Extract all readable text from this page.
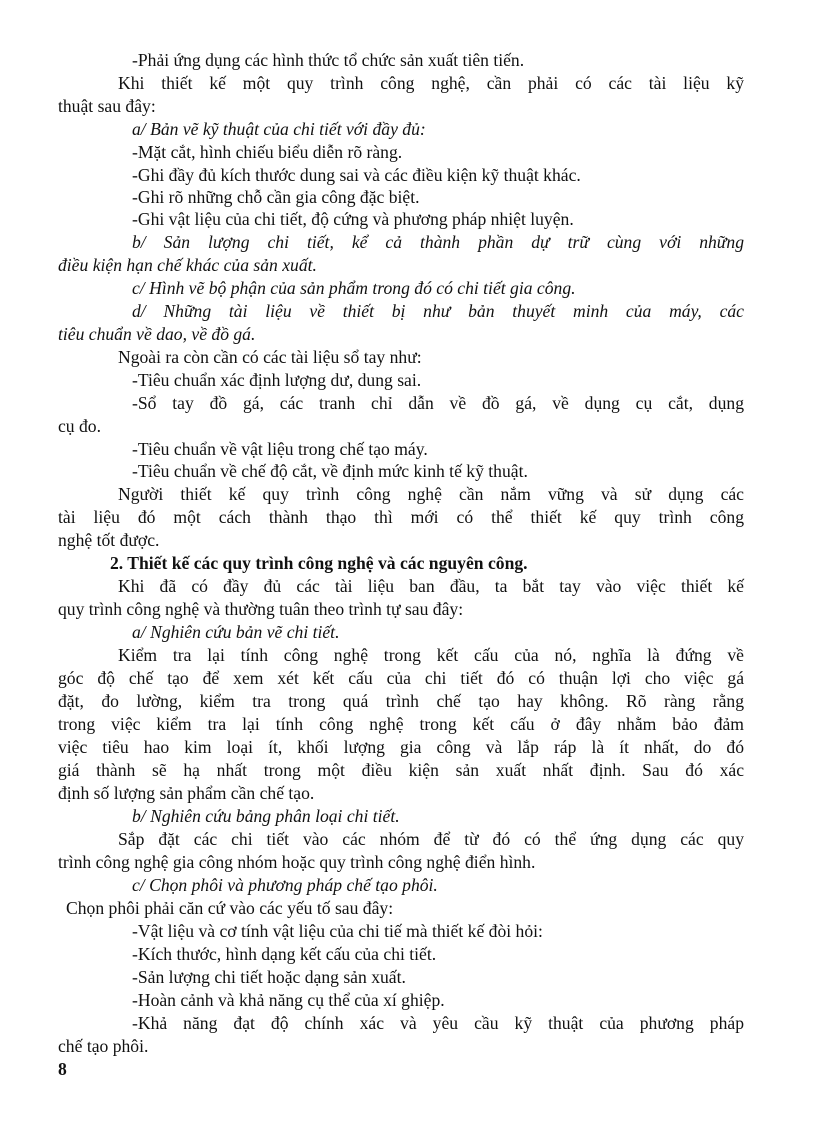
-Phải ứng dụng các hình thức tổ chức sản xuất tiên tiến.
Khi thiết kế một quy trình công nghệ, cần phải có các tài liệu kỹ
thuật sau đây:
a/ Bản vẽ kỹ thuật của chi tiết với đầy đủ:
-Mặt cắt, hình chiếu biểu diễn rõ ràng.
-Ghi đầy đủ kích thước dung sai và các điều kiện kỹ thuật khác.
-Ghi rõ những chỗ cần gia công đặc biệt.
-Ghi vật liệu của chi tiết, độ cứng và phương pháp nhiệt luyện.
b/ Sản lượng chi tiết, kể cả thành phần dự trữ cùng với những
điều kiện hạn chế khác của sản xuất.
c/ Hình vẽ bộ phận của sản phẩm trong đó có chi tiết gia công.
d/ Những tài liệu về thiết bị như bản thuyết minh của máy, các
tiêu chuẩn về dao, về đồ gá.
Ngoài ra còn cần có các tài liệu sổ tay như:
-Tiêu chuẩn xác định lượng dư, dung sai.
-Sổ tay đồ gá, các tranh chỉ dẫn về đồ gá, về dụng cụ cắt, dụng
cụ đo.
-Tiêu chuẩn về vật liệu trong chế tạo máy.
-Tiêu chuẩn về chế độ cắt, về định mức kinh tế kỹ thuật.
Người thiết kế quy trình công nghệ cần nắm vững và sử dụng các
tài liệu đó một cách thành thạo thì mới có thể thiết kế quy trình công
nghệ tốt được.
2. Thiết kế các quy trình công nghệ và các nguyên công.
Khi đã có đầy đủ các tài liệu ban đầu, ta bắt tay vào việc thiết kế
quy trình công nghệ và thường tuân theo trình tự sau đây:
a/ Nghiên cứu bản vẽ chi tiết.
Kiểm tra lại tính công nghệ trong kết cấu của nó, nghĩa là đứng về
góc độ chế tạo để xem xét kết cấu của chi tiết đó có thuận lợi cho việc gá
đặt, đo lường, kiểm tra trong quá trình chế tạo hay không. Rõ ràng rằng
trong việc kiểm tra lại tính công nghệ trong kết cấu ở đây nhằm bảo đảm
việc tiêu hao kim loại ít, khối lượng gia công và lắp ráp là ít nhất, do đó
giá thành sẽ hạ nhất trong một điều kiện sản xuất nhất định. Sau đó xác
định số lượng sản phẩm cần chế tạo.
b/ Nghiên cứu bảng phân loại chi tiết.
Sắp đặt các chi tiết vào các nhóm để từ đó có thể ứng dụng các quy
trình công nghệ gia công nhóm hoặc quy trình công nghệ điển hình.
c/ Chọn phôi và phương pháp chế tạo phôi.
Chọn phôi phải căn cứ vào các yếu tố sau đây:
-Vật liệu và cơ tính vật liệu của chi tiế mà thiết kế đòi hỏi:
-Kích thước, hình dạng kết cấu của chi tiết.
-Sản lượng chi tiết hoặc dạng sản xuất.
-Hoàn cảnh và khả năng cụ thể của xí ghiệp.
-Khả năng đạt độ chính xác và yêu cầu kỹ thuật của phương pháp
chế tạo phôi.
8
